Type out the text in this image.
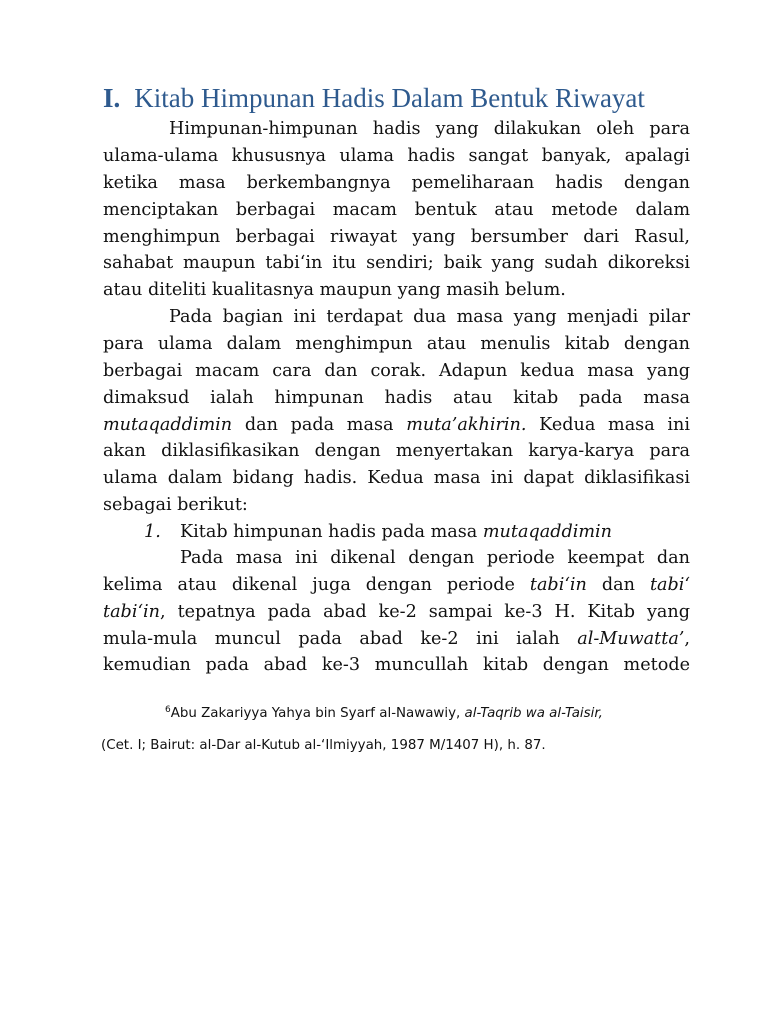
I. Kitab Himpunan Hadis Dalam Bentuk Riwayat
Himpunan-himpunan hadis yang dilakukan oleh para
ulama-ulama khususnya ulama hadis sangat banyak, apalagi
ketika masa berkembangnya pemeliharaan hadis dengan
menciptakan berbagai macam bentuk atau metode dalam
menghimpun berbagai riwayat yang bersumber dari Rasul,
sahabat maupun tabi‘in itu sendiri; baik yang sudah dikoreksi
atau diteliti kualitasnya maupun yang masih belum.
Pada bagian ini terdapat dua masa yang menjadi pilar
para ulama dalam menghimpun atau menulis kitab dengan
berbagai macam cara dan corak. Adapun kedua masa yang
dimaksud ialah himpunan hadis atau kitab pada masa
mutaqaddimin dan pada masa muta’akhirin. Kedua masa ini
akan diklasifikasikan dengan menyertakan karya-karya para
ulama dalam bidang hadis. Kedua masa ini dapat diklasifikasi
sebagai berikut:
1. Kitab himpunan hadis pada masa mutaqaddimin
Pada masa ini dikenal dengan periode keempat dan
kelima atau dikenal juga dengan periode tabi‘in dan tabi‘
tabi‘in, tepatnya pada abad ke-2 sampai ke-3 H. Kitab yang
mula-mula muncul pada abad ke-2 ini ialah al-Muwatta’,
kemudian pada abad ke-3 muncullah kitab dengan metode
$^6$Abu Zakariyya Yahya bin Syarf al-Nawawiy, al-Taqrib wa al-Taisir,
(Cet. I; Bairut: al-Dar al-Kutub al-‘Ilmiyyah, 1987 M/1407 H), h. 87.
